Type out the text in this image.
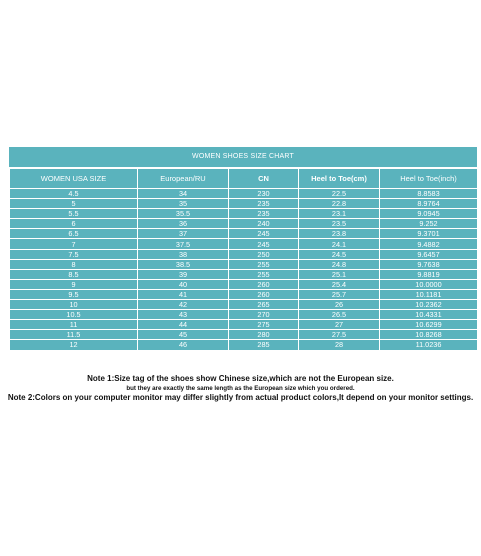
WOMEN SHOES SIZE CHART
WOMEN USA SIZE	European/RU	CN	Heel to Toe(cm)	Heel to Toe(inch)
4.5	34	230	22.5	8.8583
5	35	235	22.8	8.9764
5.5	35.5	235	23.1	9.0945
6	36	240	23.5	9.252
6.5	37	245	23.8	9.3701
7	37.5	245	24.1	9.4882
7.5	38	250	24.5	9.6457
8	38.5	255	24.8	9.7638
8.5	39	255	25.1	9.8819
9	40	260	25.4	10.0000
9.5	41	260	25.7	10.1181
10	42	265	26	10.2362
10.5	43	270	26.5	10.4331
11	44	275	27	10.6299
11.5	45	280	27.5	10.8268
12	46	285	28	11.0236
Note 1:Size tag of the shoes show Chinese size,which are not the European size.
but they are exactly the same length as the European size which you ordered.
Note 2:Colors on your computer monitor may differ slightly from actual product colors,It depend on your monitor settings.
